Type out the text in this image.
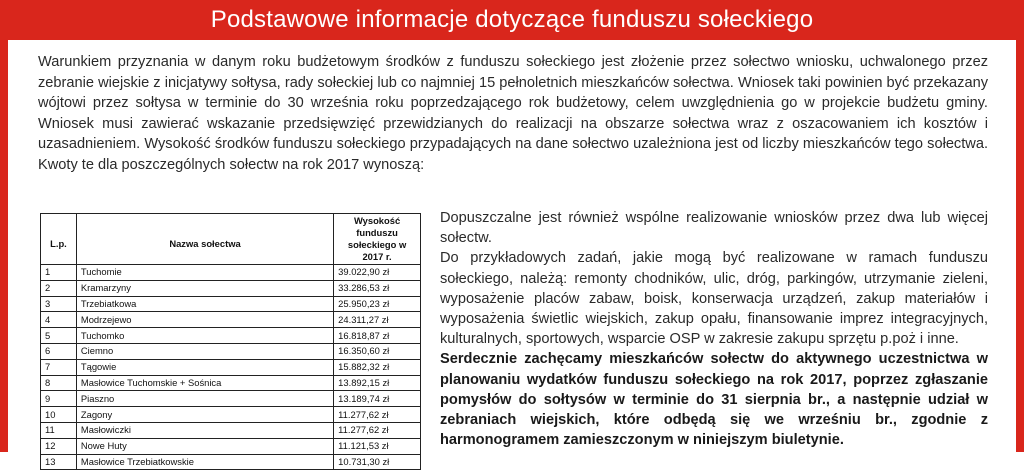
Podstawowe informacje dotyczące funduszu sołeckiego

Warunkiem przyznania w danym roku budżetowym środków z funduszu sołeckiego jest złożenie przez sołectwo wniosku, uchwalonego przez zebranie wiejskie z inicjatywy sołtysa, rady sołeckiej lub co najmniej 15 pełnoletnich mieszkańców sołectwa. Wniosek taki powinien być przekazany wójtowi przez sołtysa w terminie do 30 września roku poprzedzającego rok budżetowy, celem uwzględnienia go w projekcie budżetu gminy. Wniosek musi zawierać wskazanie przedsięwzięć przewidzianych do realizacji na obszarze sołectwa wraz z oszacowaniem ich kosztów i uzasadnieniem. Wysokość środków funduszu sołeckiego przypadających na dane sołectwo uzależniona jest od liczby mieszkańców tego sołectwa. Kwoty te dla poszczególnych sołectw na rok 2017 wynoszą:

L.p.	Nazwa sołectwa	Wysokość funduszu sołeckiego w 2017 r.
1	Tuchomie	39.022,90 zł
2	Kramarzyny	33.286,53 zł
3	Trzebiatkowa	25.950,23 zł
4	Modrzejewo	24.311,27 zł
5	Tuchomko	16.818,87 zł
6	Ciemno	16.350,60 zł
7	Tągowie	15.882,32 zł
8	Masłowice Tuchomskie + Sośnica	13.892,15 zł
9	Piaszno	13.189,74 zł
10	Zagony	11.277,62 zł
11	Masłowiczki	11.277,62 zł
12	Nowe Huty	11.121,53 zł
13	Masłowice Trzebiatkowskie	10.731,30 zł

Dopuszczalne jest również wspólne realizowanie wniosków przez dwa lub więcej sołectw.

Do przykładowych zadań, jakie mogą być realizowane w ramach funduszu sołeckiego, należą: remonty chodników, ulic, dróg, parkingów, utrzymanie zieleni, wyposażenie placów zabaw, boisk, konserwacja urządzeń, zakup materiałów i wyposażenia świetlic wiejskich, zakup opału, finansowanie imprez integracyjnych, kulturalnych, sportowych, wsparcie OSP w zakresie zakupu sprzętu p.poż i inne.

Serdecznie zachęcamy mieszkańców sołectw do aktywnego uczestnictwa w planowaniu wydatków funduszu sołeckiego na rok 2017, poprzez zgłaszanie pomysłów do sołtysów w terminie do 31 sierpnia br., a następnie udział w zebraniach wiejskich, które odbędą się we wrześniu br., zgodnie z harmonogramem zamieszczonym w niniejszym biuletynie.
